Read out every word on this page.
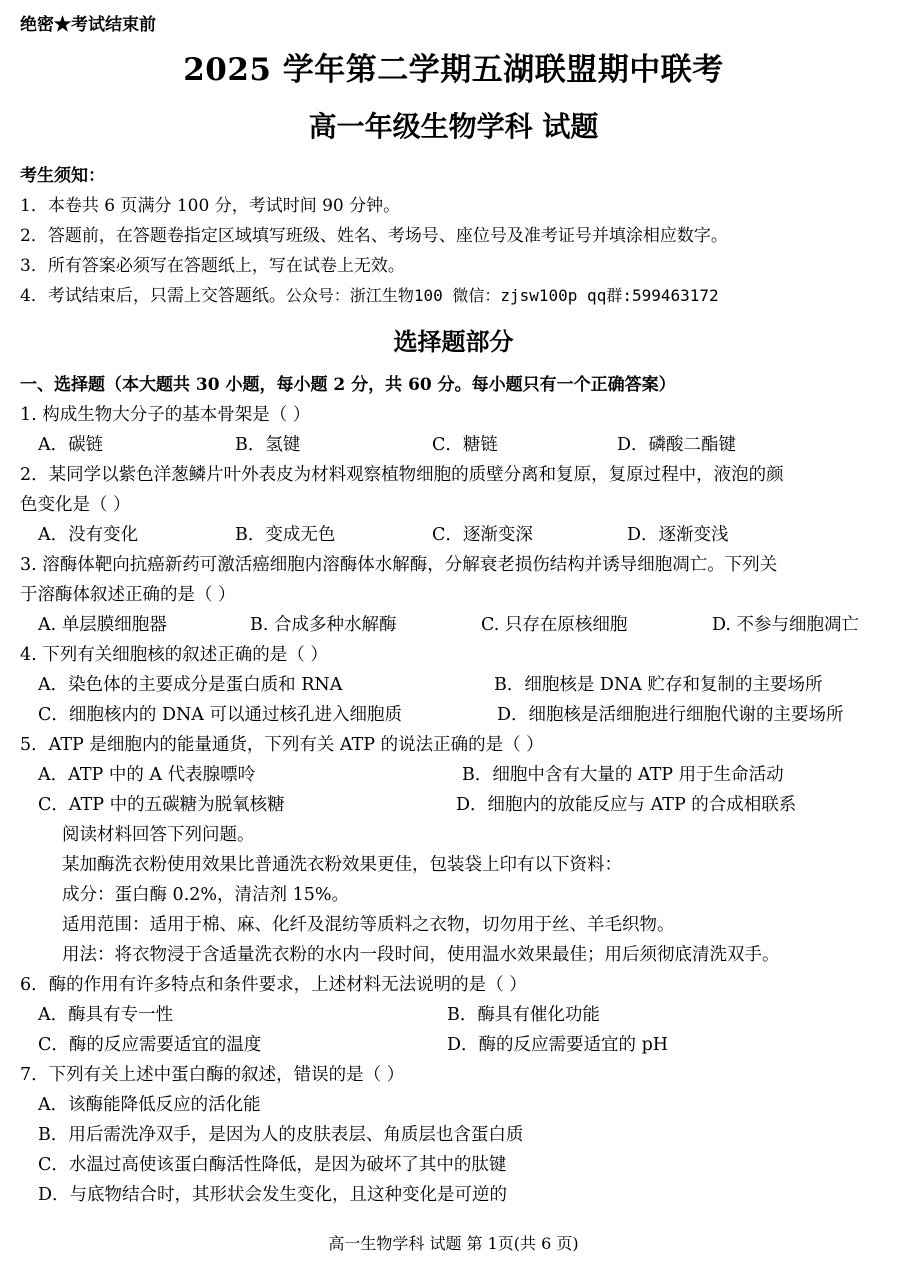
绝密★考试结束前
2025 学年第二学期五湖联盟期中联考
高一年级生物学科 试题
考生须知：
1．本卷共 6 页满分 100 分，考试时间 90 分钟。
2．答题前，在答题卷指定区域填写班级、姓名、考场号、座位号及准考证号并填涂相应数字。
3．所有答案必须写在答题纸上，写在试卷上无效。
4．考试结束后，只需上交答题纸。公众号：浙江生物100 微信：zjsw100p qq群:599463172
选择题部分
一、选择题（本大题共 30 小题，每小题 2 分，共 60 分。每小题只有一个正确答案）
1. 构成生物大分子的基本骨架是（ ）
A．碳链	B．氢键	C．糖链	D．磷酸二酯键
2．某同学以紫色洋葱鳞片叶外表皮为材料观察植物细胞的质壁分离和复原，复原过程中，液泡的颜
色变化是（ ）
A．没有变化	B．变成无色	C．逐渐变深	D．逐渐变浅
3. 溶酶体靶向抗癌新药可激活癌细胞内溶酶体水解酶，分解衰老损伤结构并诱导细胞凋亡。下列关
于溶酶体叙述正确的是（ ）
A. 单层膜细胞器	B. 合成多种水解酶	C. 只存在原核细胞	D. 不参与细胞凋亡
4. 下列有关细胞核的叙述正确的是（ ）
A．染色体的主要成分是蛋白质和 RNA	B．细胞核是 DNA 贮存和复制的主要场所
C．细胞核内的 DNA 可以通过核孔进入细胞质	D．细胞核是活细胞进行细胞代谢的主要场所
5．ATP 是细胞内的能量通货，下列有关 ATP 的说法正确的是（ ）
A．ATP 中的 A 代表腺嘌呤	B．细胞中含有大量的 ATP 用于生命活动
C．ATP 中的五碳糖为脱氧核糖	D．细胞内的放能反应与 ATP 的合成相联系
阅读材料回答下列问题。
某加酶洗衣粉使用效果比普通洗衣粉效果更佳，包装袋上印有以下资料：
成分：蛋白酶 0.2%，清洁剂 15%。
适用范围：适用于棉、麻、化纤及混纺等质料之衣物，切勿用于丝、羊毛织物。
用法：将衣物浸于含适量洗衣粉的水内一段时间，使用温水效果最佳；用后须彻底清洗双手。
6．酶的作用有许多特点和条件要求，上述材料无法说明的是（ ）
A．酶具有专一性	B．酶具有催化功能
C．酶的反应需要适宜的温度	D．酶的反应需要适宜的 pH
7．下列有关上述中蛋白酶的叙述，错误的是（ ）
A．该酶能降低反应的活化能
B．用后需洗净双手，是因为人的皮肤表层、角质层也含蛋白质
C．水温过高使该蛋白酶活性降低，是因为破坏了其中的肽键
D．与底物结合时，其形状会发生变化，且这种变化是可逆的
高一生物学科 试题 第 1页(共 6 页)
